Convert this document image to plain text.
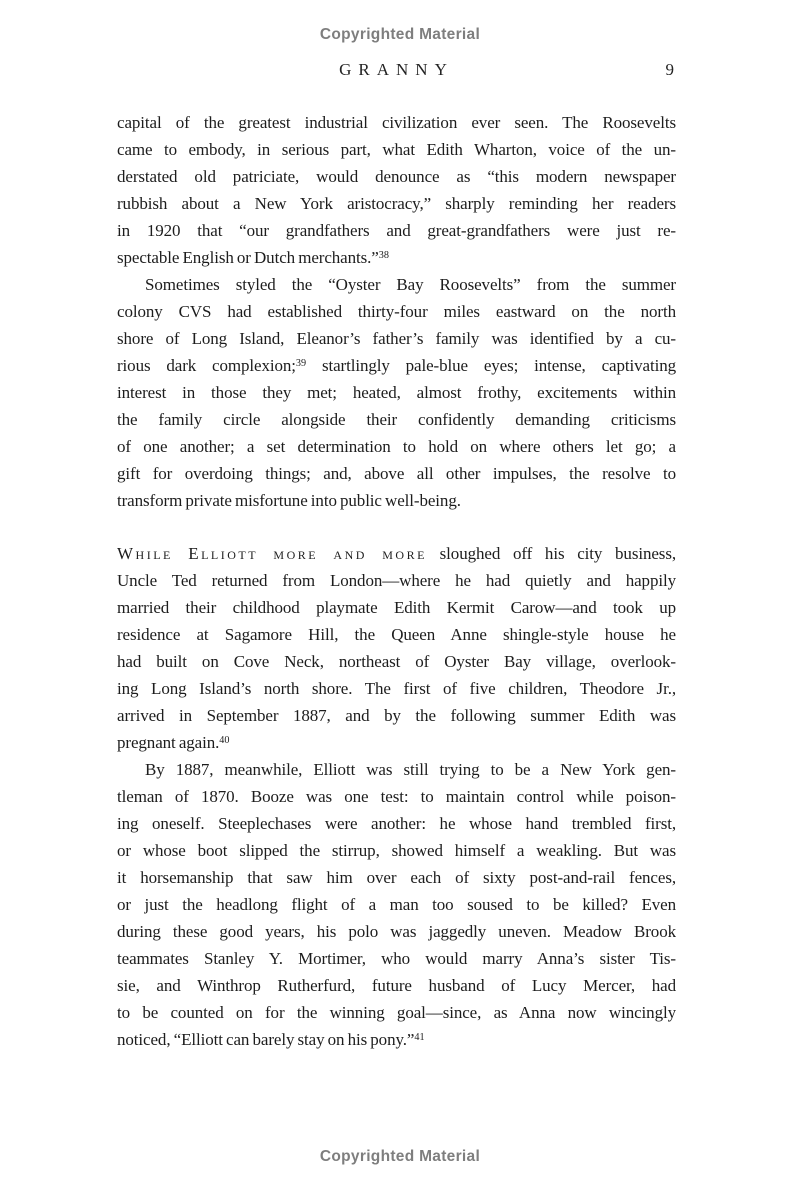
Copyrighted Material
GRANNY	9
capital of the greatest industrial civilization ever seen. The Roosevelts
came to embody, in serious part, what Edith Wharton, voice of the un-
derstated old patriciate, would denounce as “this modern newspaper
rubbish about a New York aristocracy,” sharply reminding her readers
in 1920 that “our grandfathers and great-grandfathers were just re-
spectable English or Dutch merchants.”$^{38}$
Sometimes styled the “Oyster Bay Roosevelts” from the summer
colony CVS had established thirty-four miles eastward on the north
shore of Long Island, Eleanor’s father’s family was identified by a cu-
rious dark complexion;$^{39}$ startlingly pale-blue eyes; intense, captivating
interest in those they met; heated, almost frothy, excitements within
the family circle alongside their confidently demanding criticisms
of one another; a set determination to hold on where others let go; a
gift for overdoing things; and, above all other impulses, the resolve to
transform private misfortune into public well-being.
While Elliott more and more sloughed off his city business,
Uncle Ted returned from London—where he had quietly and happily
married their childhood playmate Edith Kermit Carow—and took up
residence at Sagamore Hill, the Queen Anne shingle-style house he
had built on Cove Neck, northeast of Oyster Bay village, overlook-
ing Long Island’s north shore. The first of five children, Theodore Jr.,
arrived in September 1887, and by the following summer Edith was
pregnant again.$^{40}$
By 1887, meanwhile, Elliott was still trying to be a New York gen-
tleman of 1870. Booze was one test: to maintain control while poison-
ing oneself. Steeplechases were another: he whose hand trembled first,
or whose boot slipped the stirrup, showed himself a weakling. But was
it horsemanship that saw him over each of sixty post-and-rail fences,
or just the headlong flight of a man too soused to be killed? Even
during these good years, his polo was jaggedly uneven. Meadow Brook
teammates Stanley Y. Mortimer, who would marry Anna’s sister Tis-
sie, and Winthrop Rutherfurd, future husband of Lucy Mercer, had
to be counted on for the winning goal—since, as Anna now wincingly
noticed, “Elliott can barely stay on his pony.”$^{41}$
Copyrighted Material
